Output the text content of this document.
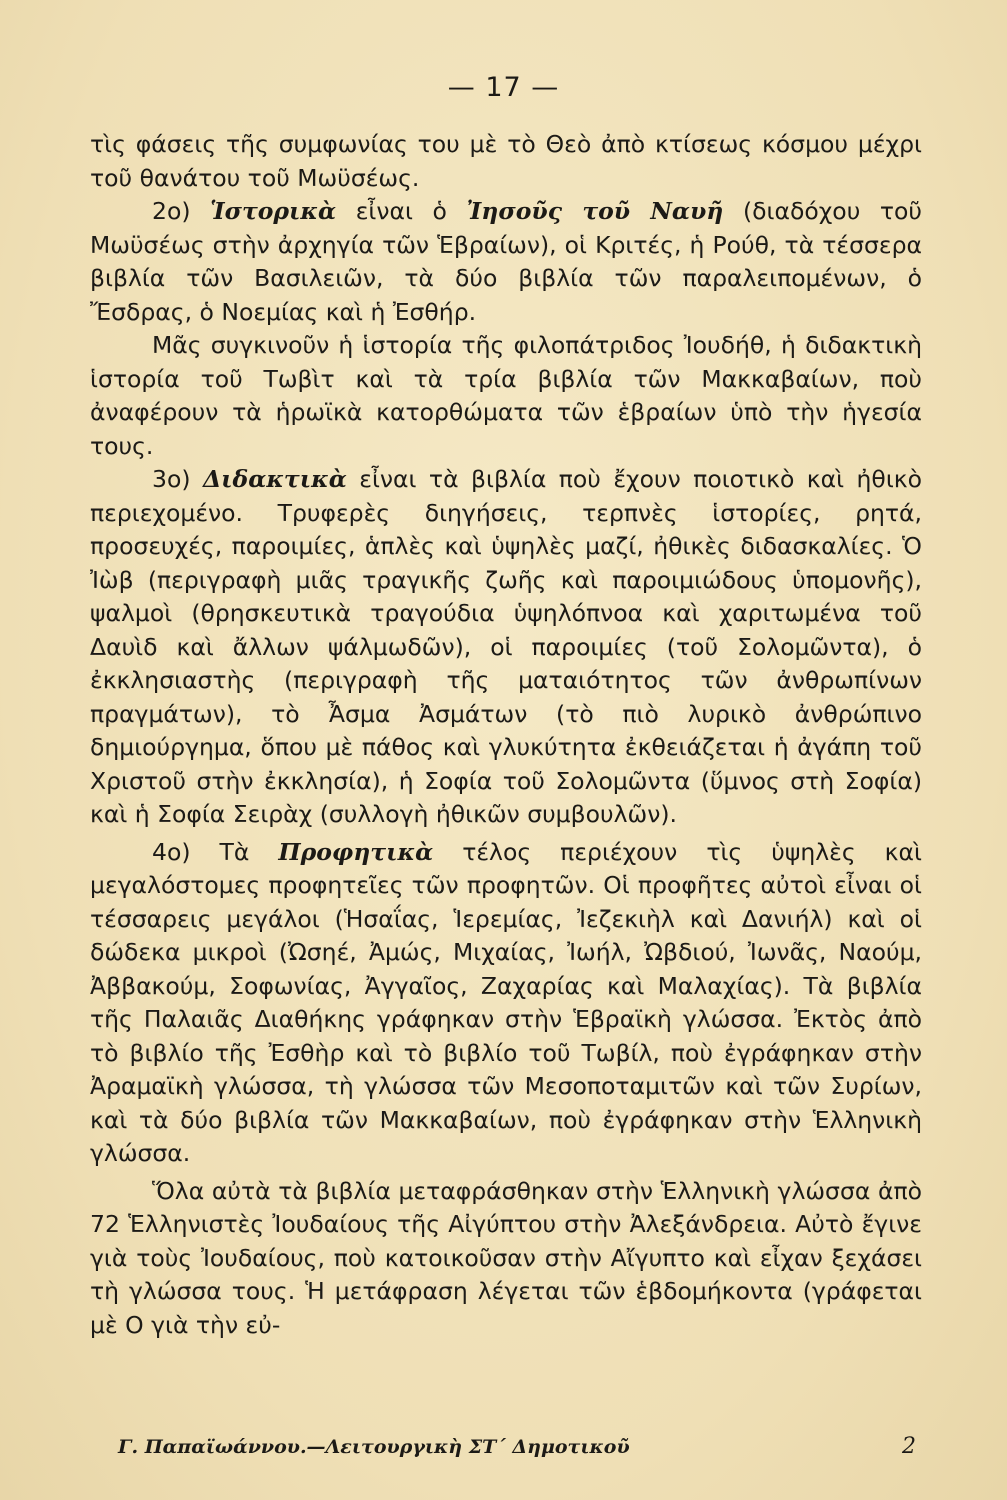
— 17 —

τὶς φάσεις τῆς συμφωνίας του μὲ τὸ Θεὸ ἀπὸ κτίσεως κόσμου μέχρι τοῦ θανάτου τοῦ Μωϋσέως.

2ο) Ἱστορικὰ εἶναι ὁ Ἰησοῦς τοῦ Ναυῆ (διαδόχου τοῦ Μωϋσέως στὴν ἀρχηγία τῶν Ἑβραίων), οἱ Κριτές, ἡ Ρούθ, τὰ τέσσερα βιβλία τῶν Βασιλειῶν, τὰ δύο βιβλία τῶν παραλειπομένων, ὁ Ἔσδρας, ὁ Νοεμίας καὶ ἡ Ἐσθήρ.

Μᾶς συγκινοῦν ἡ ἱστορία τῆς φιλοπάτριδος Ἰουδήθ, ἡ διδακτικὴ ἱστορία τοῦ Τωβὶτ καὶ τὰ τρία βιβλία τῶν Μακκαβαίων, ποὺ ἀναφέρουν τὰ ἡρωϊκὰ κατορθώματα τῶν ἑβραίων ὑπὸ τὴν ἡγεσία τους.

3ο) Διδακτικὰ εἶναι τὰ βιβλία ποὺ ἔχουν ποιοτικὸ καὶ ἠθικὸ περιεχομένο. Τρυφερὲς διηγήσεις, τερπνὲς ἱστορίες, ρητά, προσευχές, παροιμίες, ἁπλὲς καὶ ὑψηλὲς μαζί, ἠθικὲς διδασκαλίες. Ὁ Ἰὼβ (περιγραφὴ μιᾶς τραγικῆς ζωῆς καὶ παροιμιώδους ὑπομονῆς), ψαλμοὶ (θρησκευτικὰ τραγούδια ὑψηλόπνοα καὶ χαριτωμένα τοῦ Δαυὶδ καὶ ἄλλων ψάλμωδῶν), οἱ παροιμίες (τοῦ Σολομῶντα), ὁ ἐκκλησιαστὴς (περιγραφὴ τῆς ματαιότητος τῶν ἀνθρωπίνων πραγμάτων), τὸ Ἆσμα Ἀσμάτων (τὸ πιὸ λυρικὸ ἀνθρώπινο δημιούργημα, ὅπου μὲ πάθος καὶ γλυκύτητα ἐκθειάζεται ἡ ἀγάπη τοῦ Χριστοῦ στὴν ἐκκλησία), ἡ Σοφία τοῦ Σολομῶντα (ὕμνος στὴ Σοφία) καὶ ἡ Σοφία Σειρὰχ (συλλογὴ ἠθικῶν συμβουλῶν).

4ο) Τὰ Προφητικὰ τέλος περιέχουν τὶς ὑψηλὲς καὶ μεγαλόστομες προφητεῖες τῶν προφητῶν. Οἱ προφῆτες αὐτοὶ εἶναι οἱ τέσσαρεις μεγάλοι (Ἡσαΐας, Ἱερεμίας, Ἰεζεκιὴλ καὶ Δανιήλ) καὶ οἱ δώδεκα μικροὶ (Ὠσηέ, Ἀμώς, Μιχαίας, Ἰωήλ, Ὠβδιού, Ἰωνᾶς, Ναούμ, Ἀββακούμ, Σοφωνίας, Ἀγγαῖος, Ζαχαρίας καὶ Μαλαχίας). Τὰ βιβλία τῆς Παλαιᾶς Διαθήκης γράφηκαν στὴν Ἑβραϊκὴ γλώσσα. Ἐκτὸς ἀπὸ τὸ βιβλίο τῆς Ἐσθὴρ καὶ τὸ βιβλίο τοῦ Τωβίλ, ποὺ ἐγράφηκαν στὴν Ἀραμαϊκὴ γλώσσα, τὴ γλώσσα τῶν Μεσοποταμιτῶν καὶ τῶν Συρίων, καὶ τὰ δύο βιβλία τῶν Μακκαβαίων, ποὺ ἐγράφηκαν στὴν Ἑλληνικὴ γλώσσα.

Ὅλα αὐτὰ τὰ βιβλία μεταφράσθηκαν στὴν Ἑλληνικὴ γλώσσα ἀπὸ 72 Ἑλληνιστὲς Ἰουδαίους τῆς Αἰγύπτου στὴν Ἀλεξάνδρεια. Αὐτὸ ἔγινε γιὰ τοὺς Ἰουδαίους, ποὺ κατοικοῦσαν στὴν Αἴγυπτο καὶ εἶχαν ξεχάσει τὴ γλώσσα τους. Ἡ μετάφραση λέγεται τῶν ἑβδομήκοντα (γράφεται μὲ Ο γιὰ τὴν εὐ-

Γ. Παπαϊωάννου.—Λειτουργικὴ ΣΤ΄ Δημοτικοῦ	2
